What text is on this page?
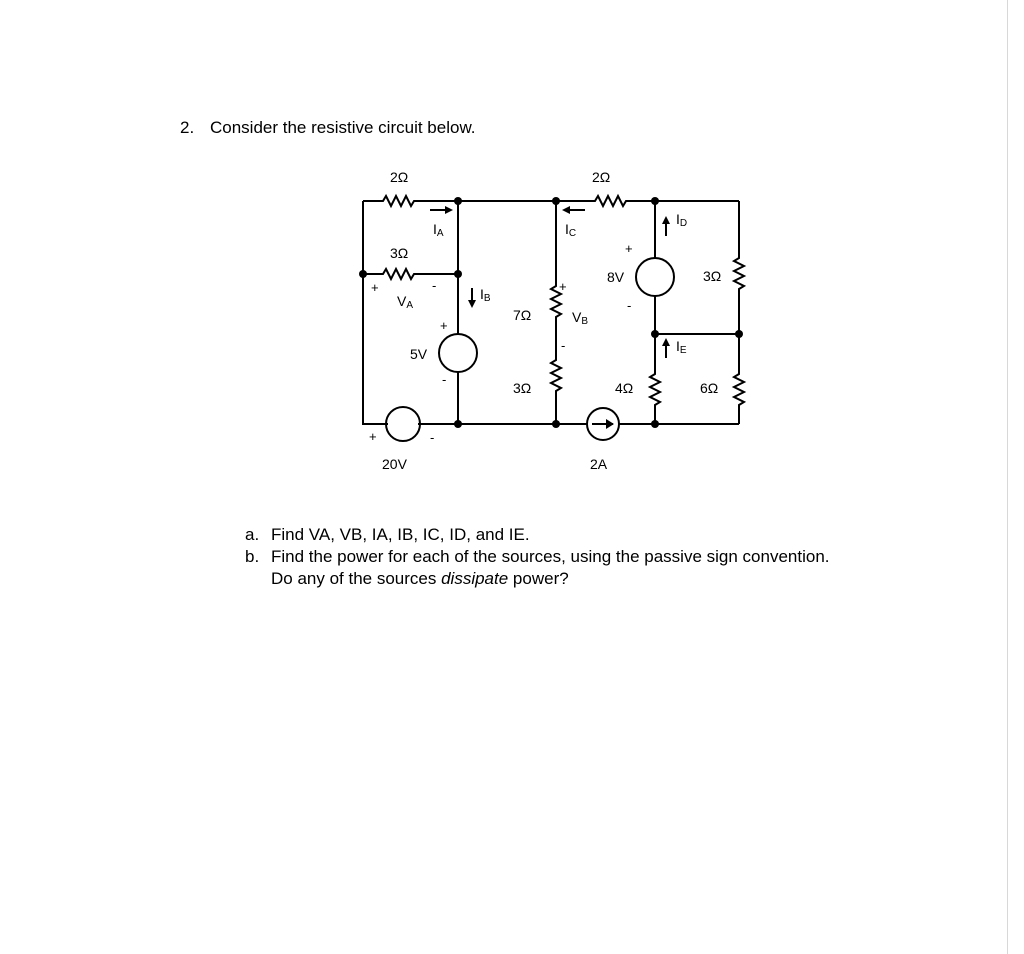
2. Consider the resistive circuit below.
2Ω	2Ω
3Ω
7Ω
3Ω	4Ω
3Ω
6Ω
5V
20V
8V
2A
+	-
+
-
+	-
+
-
+
-
IA
IB
IC
ID
IE
VA
VB
a. Find VA, VB, IA, IB, IC, ID, and IE.
b. Find the power for each of the sources, using the passive sign convention.
Do any of the sources dissipate power?
